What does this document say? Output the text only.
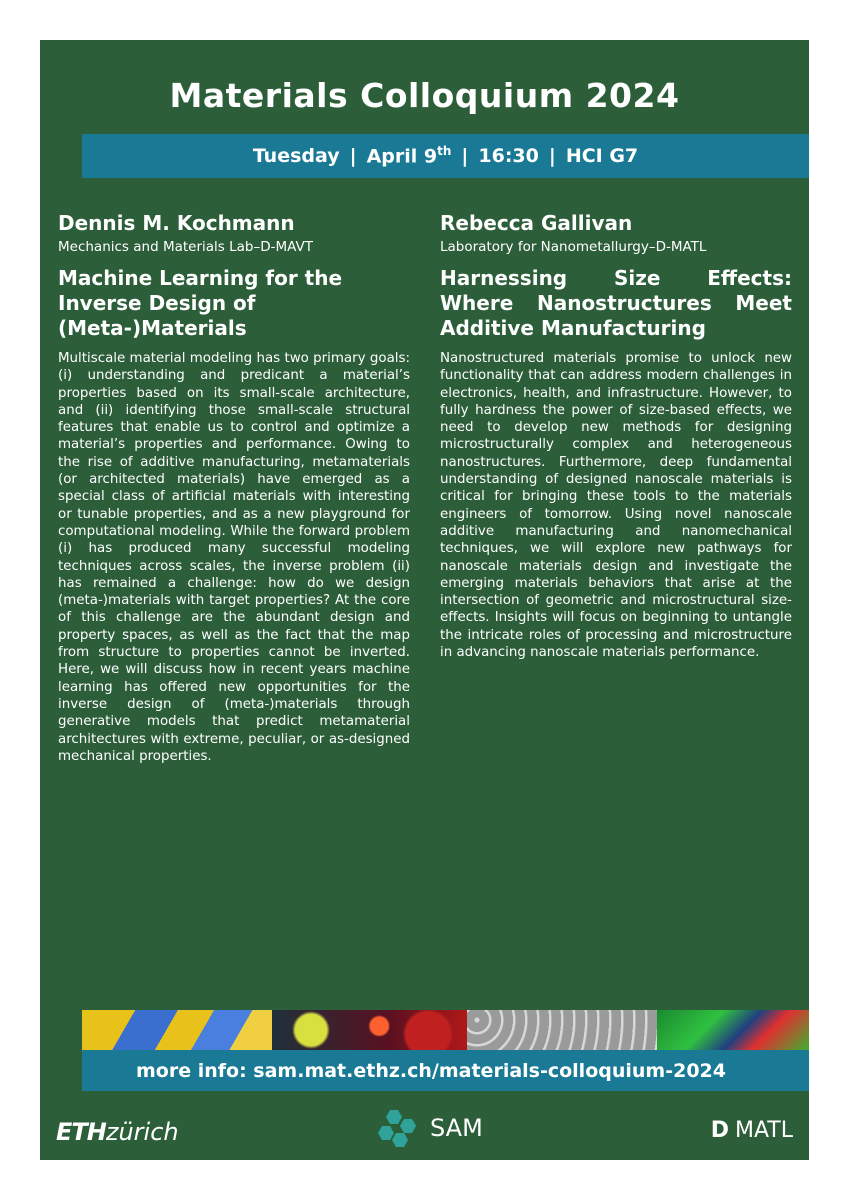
Materials Colloquium 2024
Tuesday | April 9th | 16:30 | HCI G7

Dennis M. Kochmann

Mechanics and Materials Lab–D-MAVT

Machine Learning for the Inverse Design of (Meta-)Materials

Multiscale material modeling has two primary goals: (i) understanding and predicant a material’s properties based on its small-scale architecture, and (ii) identifying those small-scale structural features that enable us to control and optimize a material’s properties and performance. Owing to the rise of additive manufacturing, metamaterials (or architected materials) have emerged as a special class of artificial materials with interesting or tunable properties, and as a new playground for computational modeling. While the forward problem (i) has produced many successful modeling techniques across scales, the inverse problem (ii) has remained a challenge: how do we design (meta-)materials with target properties? At the core of this challenge are the abundant design and property spaces, as well as the fact that the map from structure to properties cannot be inverted. Here, we will discuss how in recent years machine learning has offered new opportunities for the inverse design of (meta-)materials through generative models that predict metamaterial architectures with extreme, peculiar, or as-designed mechanical properties.

Rebecca Gallivan

Laboratory for Nanometallurgy–D-MATL

Harnessing Size Effects: Where Nanostructures Meet Additive Manufacturing

Nanostructured materials promise to unlock new functionality that can address modern challenges in electronics, health, and infrastructure. However, to fully hardness the power of size-based effects, we need to develop new methods for designing microstructurally complex and heterogeneous nanostructures. Furthermore, deep fundamental understanding of designed nanoscale materials is critical for bringing these tools to the materials engineers of tomorrow. Using novel nanoscale additive manufacturing and nanomechanical techniques, we will explore new pathways for nanoscale materials design and investigate the emerging materials behaviors that arise at the intersection of geometric and microstructural size-effects. Insights will focus on beginning to untangle the intricate roles of processing and microstructure in advancing nanoscale materials performance.

more info: sam.mat.ethz.ch/materials-colloquium-2024
ETHzürich	SAM	D MATL
